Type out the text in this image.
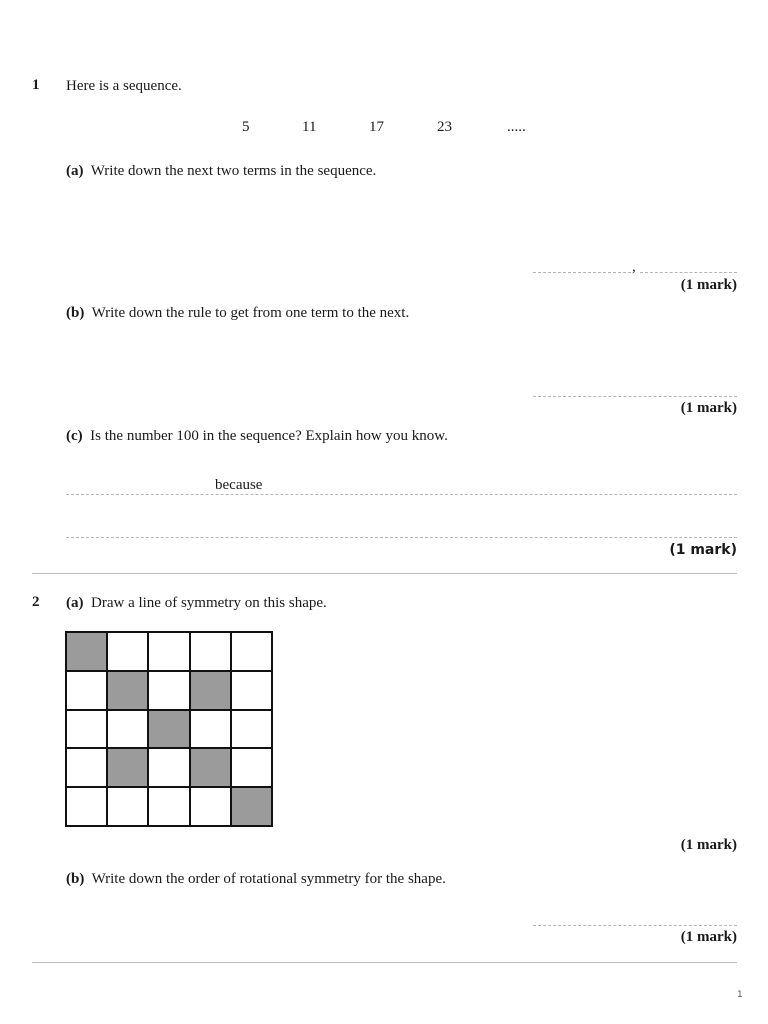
1 Here is a sequence.
5	11	17	23	.....
(a) Write down the next two terms in the sequence.
,
(1 mark)
(b) Write down the rule to get from one term to the next.
(1 mark)
(c) Is the number 100 in the sequence? Explain how you know.
because
(1 mark)
2 (a) Draw a line of symmetry on this shape.
(1 mark)
(b) Write down the order of rotational symmetry for the shape.
(1 mark)
1
